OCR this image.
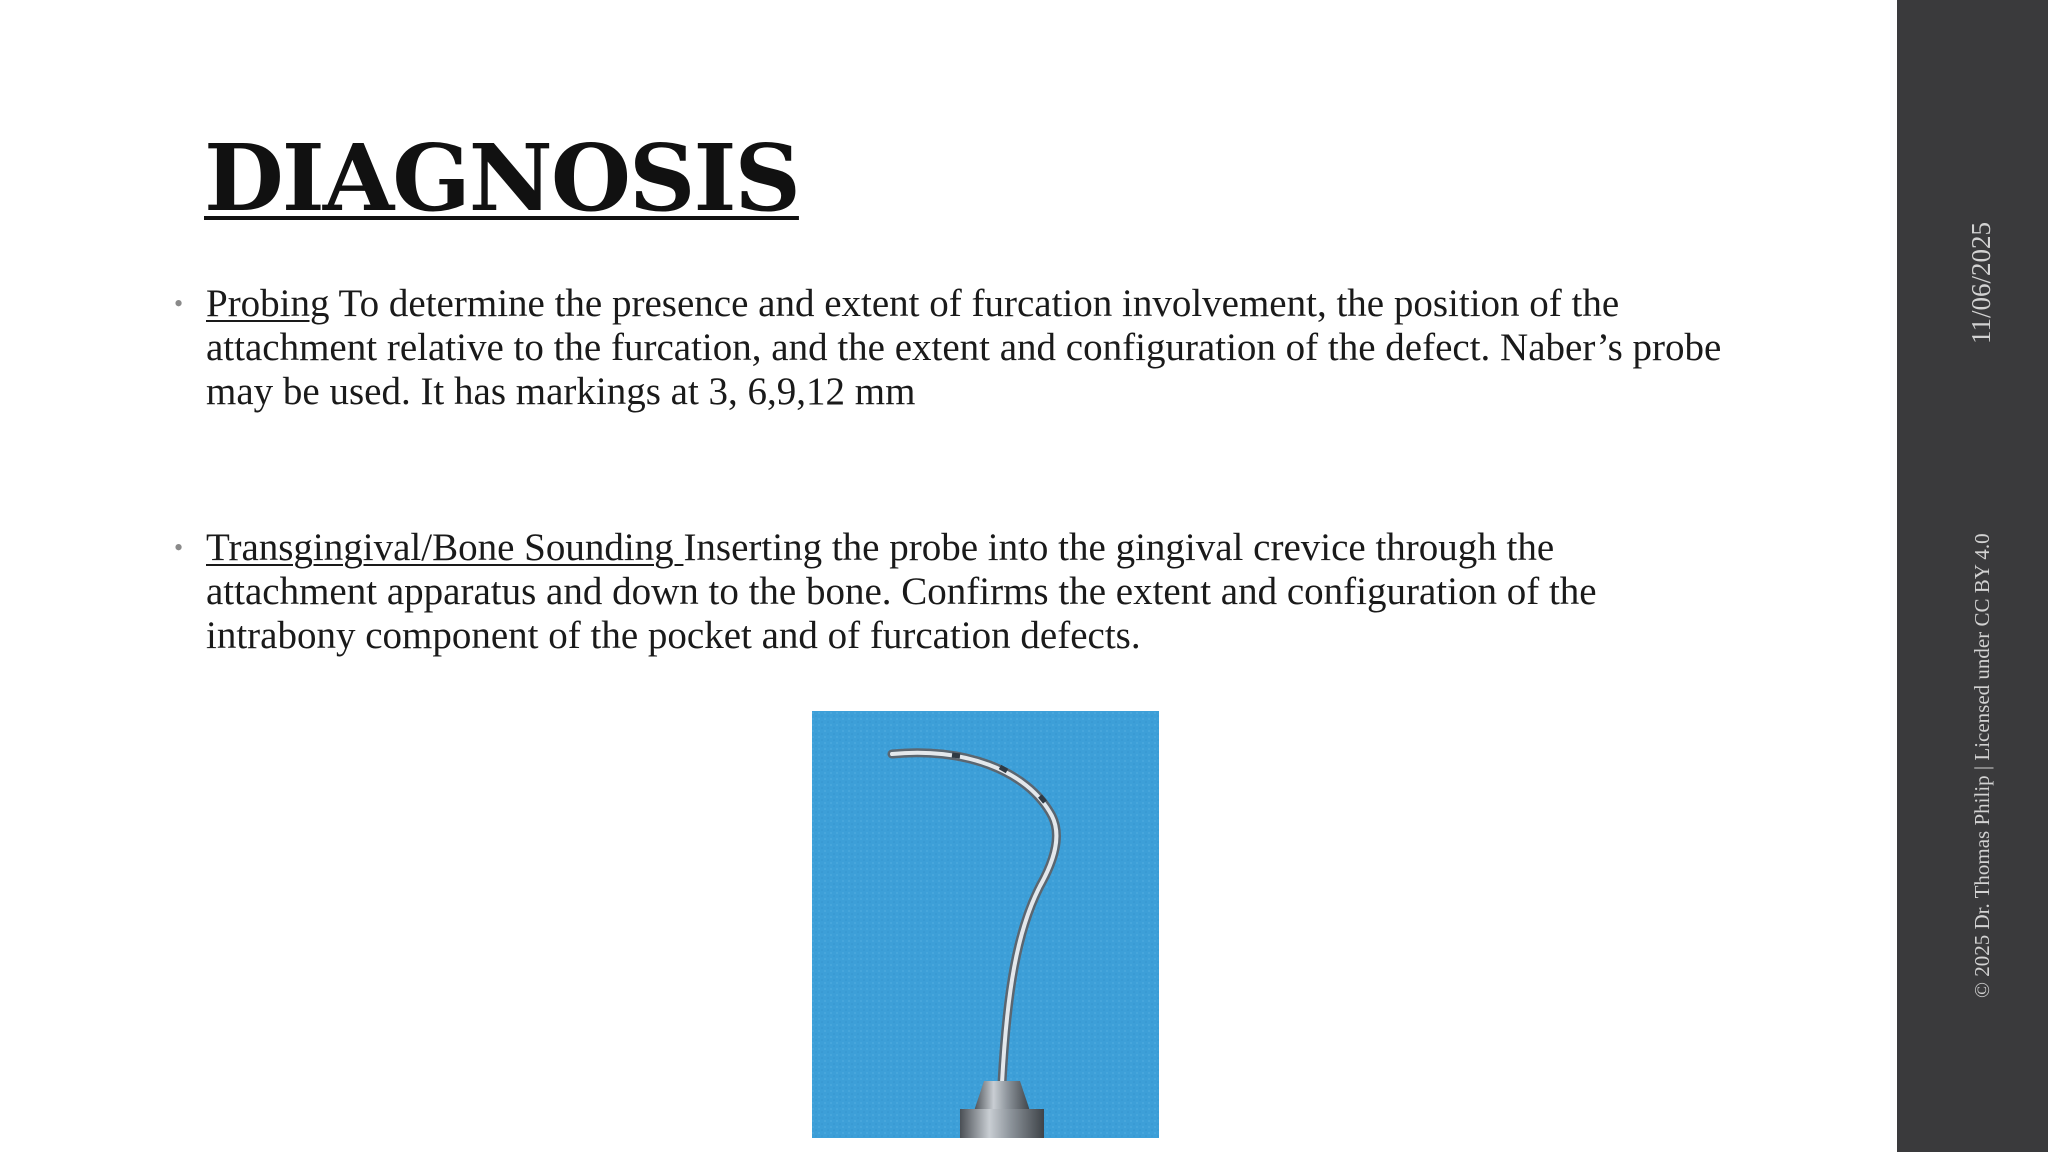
DIAGNOSIS
• Probing To determine the presence and extent of furcation involvement, the position of the attachment relative to the furcation, and the extent and configuration of the defect. Naber’s probe may be used. It has markings at 3, 6,9,12 mm
• Transgingival/Bone Sounding Inserting the probe into the gingival crevice through the attachment apparatus and down to the bone. Confirms the extent and configuration of the intrabony component of the pocket and of furcation defects.
11/06/2025
© 2025 Dr. Thomas Philip | Licensed under CC BY 4.0
